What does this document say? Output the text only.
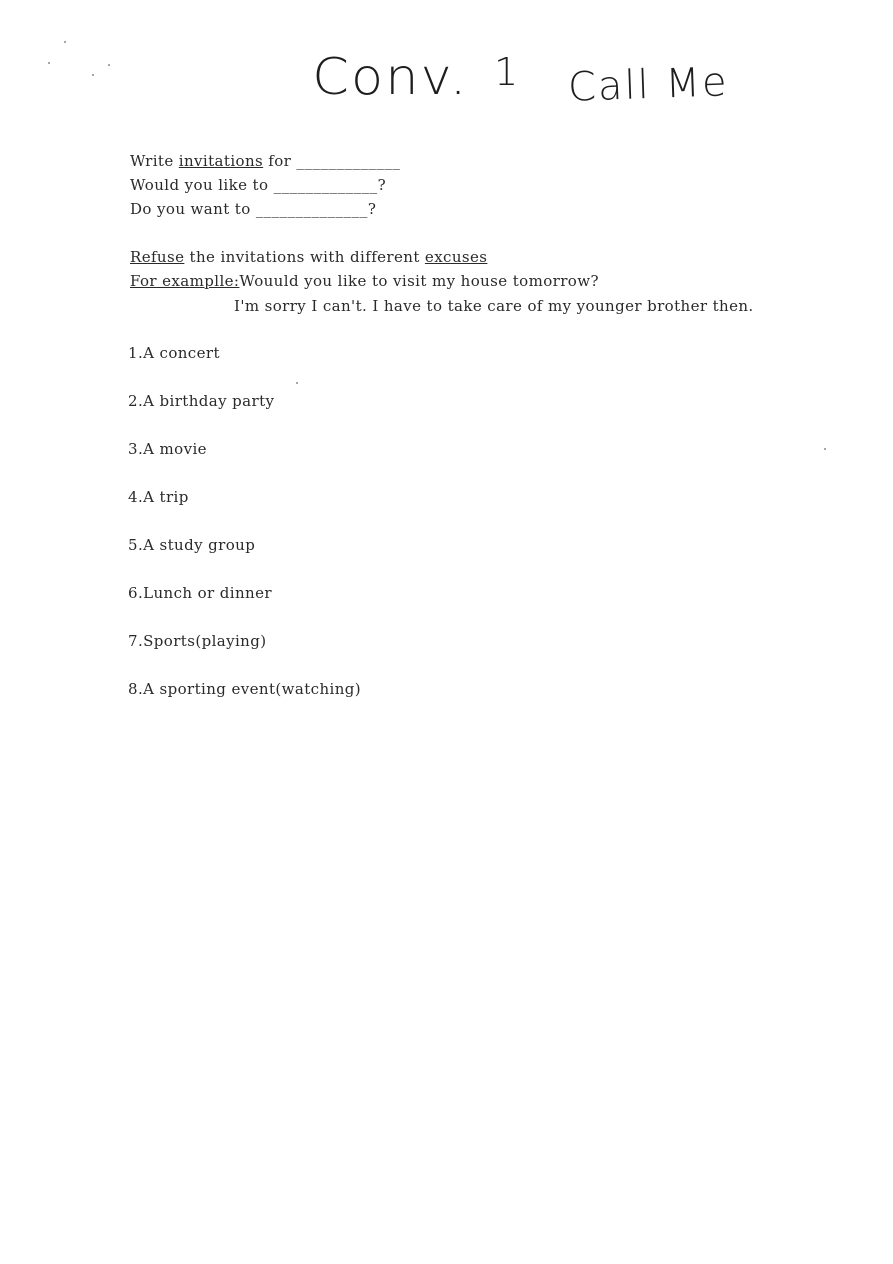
Conv. 1 Call Me
Write invitations for _____________
Would you like to _____________?
Do you want to ______________?
Refuse the invitations with different excuses
For examplle:Wouuld you like to visit my house tomorrow?
I'm sorry I can't. I have to take care of my younger brother then.
1.A concert
2.A birthday party
3.A movie
4.A trip
5.A study group
6.Lunch or dinner
7.Sports(playing)
8.A sporting event(watching)
